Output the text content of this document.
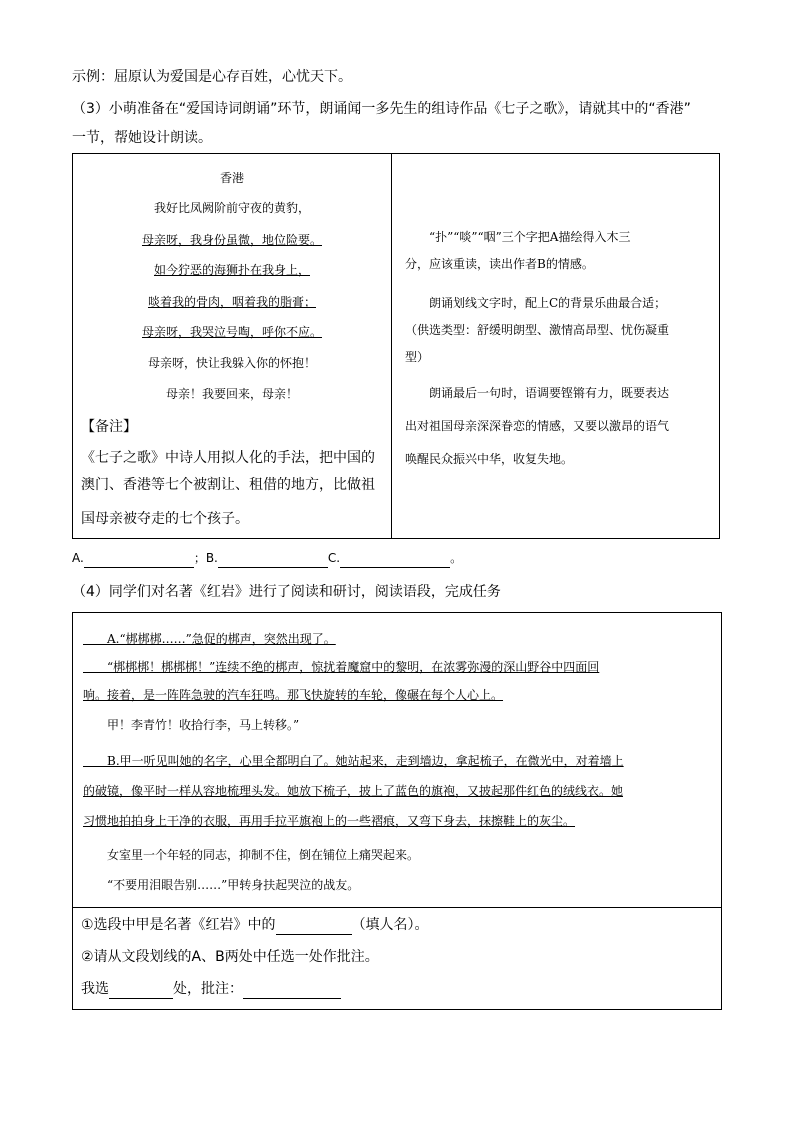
示例：屈原认为爱国是心存百姓，心忧天下。
（3）小萌准备在“爱国诗词朗诵”环节，朗诵闻一多先生的组诗作品《七子之歌》，请就其中的“香港”
一节，帮她设计朗读。
香港
我好比凤阙阶前守夜的黄豹，
母亲呀，我身份虽微，地位险要。
如今狞恶的海狮扑在我身上，
啖着我的骨肉，咽着我的脂膏；
母亲呀，我哭泣号啕，呼你不应。
母亲呀，快让我躲入你的怀抱！
母亲！我要回来，母亲！
【备注】
《七子之歌》中诗人用拟人化的手法，把中国的
澳门、香港等七个被割让、租借的地方，比做祖
国母亲被夺走的七个孩子。
　　“扑”“啖”“咽”三个字把A描绘得入木三
分，应该重读，读出作者B的情感。
　　朗诵划线文字时，配上C的背景乐曲最合适；
（供选类型：舒缓明朗型、激情高昂型、忧伤凝重
型）
　　朗诵最后一句时，语调要铿锵有力，既要表达
出对祖国母亲深深眷恋的情感，又要以激昂的语气
唤醒民众振兴中华，收复失地。
A.	；B.	C.	。
（4）同学们对名著《红岩》进行了阅读和研讨，阅读语段，完成任务
　　A.“梆梆梆……”急促的梆声，突然出现了。
　　“梆梆梆！梆梆梆！”连续不绝的梆声，惊扰着魔窟中的黎明，在浓雾弥漫的深山野谷中四面回
响。接着，是一阵阵急驶的汽车狂鸣。那飞快旋转的车轮，像碾在每个人心上。
　　甲！李青竹！收拾行李，马上转移。”
　　B.甲一听见叫她的名字，心里全都明白了。她站起来，走到墙边，拿起梳子，在微光中，对着墙上
的破镜，像平时一样从容地梳理头发。她放下梳子，披上了蓝色的旗袍，又披起那件红色的绒线衣。她
习惯地拍拍身上干净的衣服，再用手拉平旗袍上的一些褶痕，又弯下身去，抹擦鞋上的灰尘。
　　女室里一个年轻的同志，抑制不住，倒在铺位上痛哭起来。
　　“不要用泪眼告别……”甲转身扶起哭泣的战友。
①选段中甲是名著《红岩》中的	（填人名）。
②请从文段划线的A、B两处中任选一处作批注。
我选	处，批注：
